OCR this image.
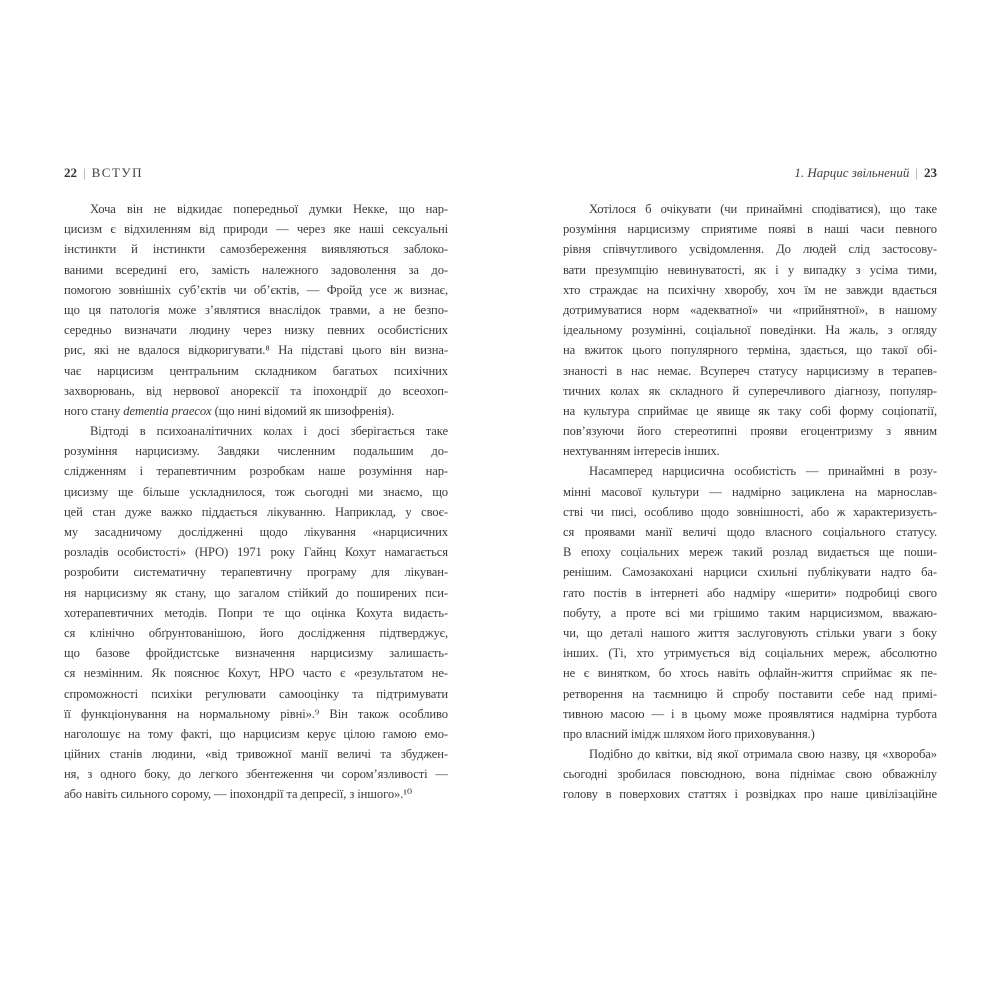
22 | ВСТУП	1. Нарцис звільнений | 23
Хоча він не відкидає попередньої думки Некке, що нар-
цисизм є відхиленням від природи — через яке наші сексуальні
інстинкти й інстинкти самозбереження виявляються заблоко-
ваними всередині его, замість належного задоволення за до-
помогою зовнішніх суб’єктів чи об’єктів, — Фройд усе ж визнає,
що ця патологія може з’являтися внаслідок травми, а не безпо-
середньо визначати людину через низку певних особистісних
рис, які не вдалося відкоригувати.⁸ На підставі цього він визна-
чає нарцисизм центральним складником багатьох психічних
захворювань, від нервової анорексії та іпохондрії до всеохоп-
ного стану dementia praecox (що нині відомий як шизофренія).
Відтоді в психоаналітичних колах і досі зберігається таке
розуміння нарцисизму. Завдяки численним подальшим до-
слідженням і терапевтичним розробкам наше розуміння нар-
цисизму ще більше ускладнилося, тож сьогодні ми знаємо, що
цей стан дуже важко піддається лікуванню. Наприклад, у своє-
му засадничому дослідженні щодо лікування «нарцисичних
розладів особистості» (НРО) 1971 року Гайнц Кохут намагається
розробити систематичну терапевтичну програму для лікуван-
ня нарцисизму як стану, що загалом стійкий до поширених пси-
хотерапевтичних методів. Попри те що оцінка Кохута видаєть-
ся клінічно обґрунтованішою, його дослідження підтверджує,
що базове фройдистське визначення нарцисизму залишаєть-
ся незмінним. Як пояснює Кохут, НРО часто є «результатом не-
спроможності психіки регулювати самооцінку та підтримувати
її функціонування на нормальному рівні».⁹ Він також особливо
наголошує на тому факті, що нарцисизм керує цілою гамою емо-
ційних станів людини, «від тривожної манії величі та збуджен-
ня, з одного боку, до легкого збентеження чи сором’язливості —
або навіть сильного сорому, — іпохондрії та депресії, з іншого».¹⁰
Хотілося б очікувати (чи принаймні сподіватися), що таке
розуміння нарцисизму сприятиме появі в наші часи певного
рівня співчутливого усвідомлення. До людей слід застосову-
вати презумпцію невинуватості, як і у випадку з усіма тими,
хто страждає на психічну хворобу, хоч їм не завжди вдається
дотримуватися норм «адекватної» чи «прийнятної», в нашому
ідеальному розумінні, соціальної поведінки. На жаль, з огляду
на вжиток цього популярного терміна, здається, що такої обі-
знаності в нас немає. Всупереч статусу нарцисизму в терапев-
тичних колах як складного й суперечливого діагнозу, популяр-
на культура сприймає це явище як таку собі форму соціопатії,
пов’язуючи його стереотипні прояви егоцентризму з явним
нехтуванням інтересів інших.
Насамперед нарцисична особистість — принаймні в розу-
мінні масової культури — надмірно зациклена на марнослав-
стві чи писі, особливо щодо зовнішності, або ж характеризуєть-
ся проявами манії величі щодо власного соціального статусу.
В епоху соціальних мереж такий розлад видається ще поши-
ренішим. Самозакохані нарциси схильні публікувати надто ба-
гато постів в інтернеті або надміру «шерити» подробиці свого
побуту, а проте всі ми грішимо таким нарцисизмом, вважаю-
чи, що деталі нашого життя заслуговують стільки уваги з боку
інших. (Ті, хто утримується від соціальних мереж, абсолютно
не є винятком, бо хтось навіть офлайн-життя сприймає як пе-
ретворення на таємницю й спробу поставити себе над примі-
тивною масою — і в цьому може проявлятися надмірна турбота
про власний імідж шляхом його приховування.)
Подібно до квітки, від якої отримала свою назву, ця «хвороба»
сьогодні зробилася повсюдною, вона піднімає свою обважнілу
голову в поверхових статтях і розвідках про наше цивілізаційне
